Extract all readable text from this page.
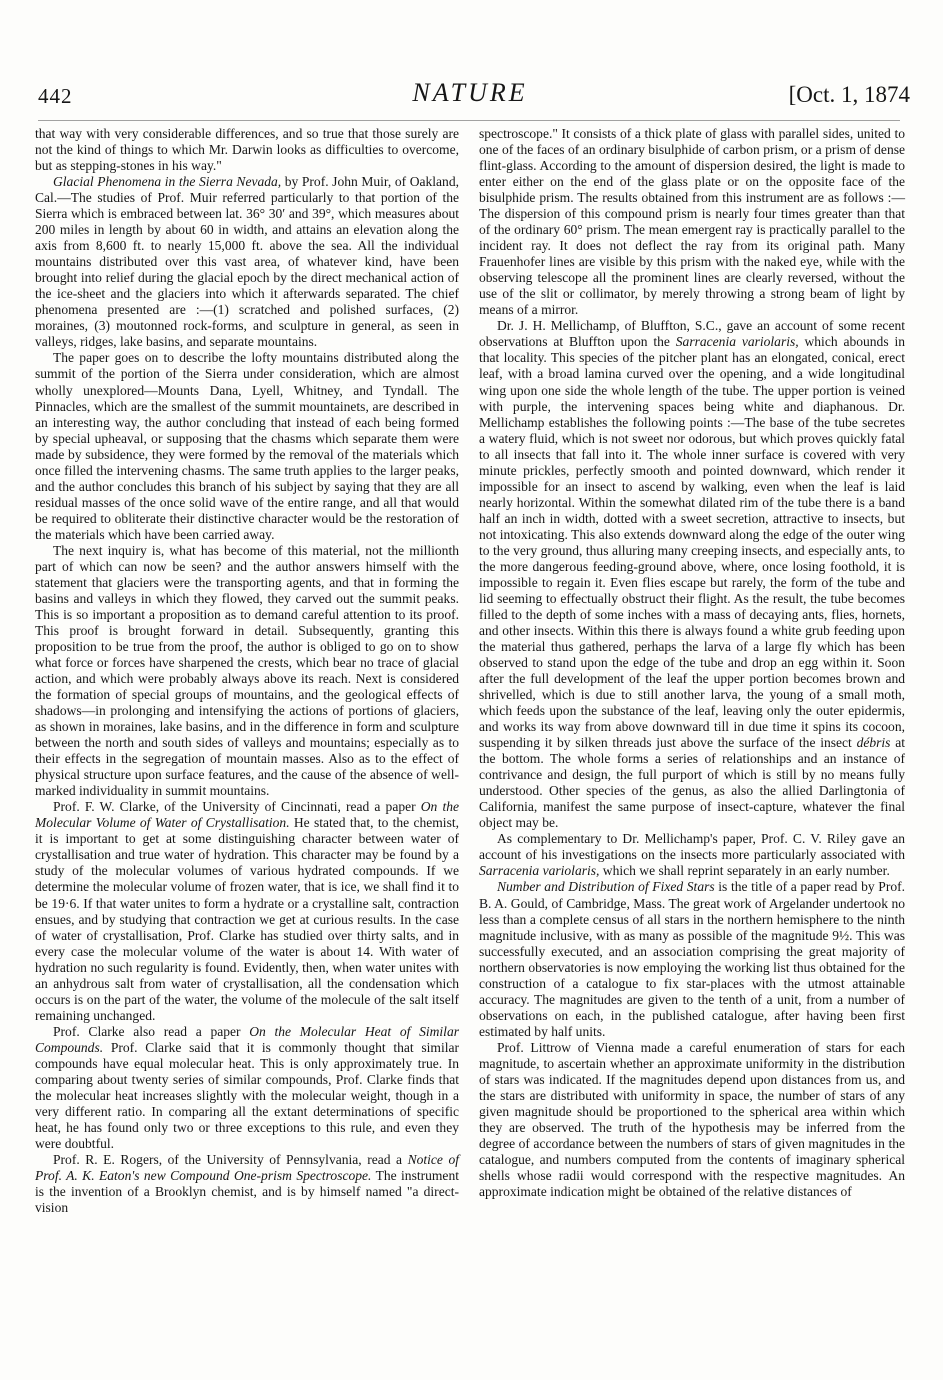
442	NATURE	[Oct. 1, 1874

that way with very considerable differences, and so true that those surely are not the kind of things to which Mr. Darwin looks as difficulties to overcome, but as stepping-stones in his way."

Glacial Phenomena in the Sierra Nevada, by Prof. John Muir, of Oakland, Cal.—The studies of Prof. Muir referred particularly to that portion of the Sierra which is embraced between lat. 36° 30′ and 39°, which measures about 200 miles in length by about 60 in width, and attains an elevation along the axis from 8,600 ft. to nearly 15,000 ft. above the sea. All the individual mountains distributed over this vast area, of whatever kind, have been brought into relief during the glacial epoch by the direct mechanical action of the ice-sheet and the glaciers into which it afterwards separated. The chief phenomena presented are :—(1) scratched and polished surfaces, (2) moraines, (3) moutonned rock-forms, and sculpture in general, as seen in valleys, ridges, lake basins, and separate mountains.

The paper goes on to describe the lofty mountains distributed along the summit of the portion of the Sierra under consideration, which are almost wholly unexplored—Mounts Dana, Lyell, Whitney, and Tyndall. The Pinnacles, which are the smallest of the summit mountainets, are described in an interesting way, the author concluding that instead of each being formed by special upheaval, or supposing that the chasms which separate them were made by subsidence, they were formed by the removal of the materials which once filled the intervening chasms. The same truth applies to the larger peaks, and the author concludes this branch of his subject by saying that they are all residual masses of the once solid wave of the entire range, and all that would be required to obliterate their distinctive character would be the restoration of the materials which have been carried away.

The next inquiry is, what has become of this material, not the millionth part of which can now be seen? and the author answers himself with the statement that glaciers were the transporting agents, and that in forming the basins and valleys in which they flowed, they carved out the summit peaks. This is so important a proposition as to demand careful attention to its proof. This proof is brought forward in detail. Subsequently, granting this proposition to be true from the proof, the author is obliged to go on to show what force or forces have sharpened the crests, which bear no trace of glacial action, and which were probably always above its reach. Next is considered the formation of special groups of mountains, and the geological effects of shadows—in prolonging and intensifying the actions of portions of glaciers, as shown in moraines, lake basins, and in the difference in form and sculpture between the north and south sides of valleys and mountains; especially as to their effects in the segregation of mountain masses. Also as to the effect of physical structure upon surface features, and the cause of the absence of well-marked individuality in summit mountains.

Prof. F. W. Clarke, of the University of Cincinnati, read a paper On the Molecular Volume of Water of Crystallisation. He stated that, to the chemist, it is important to get at some distinguishing character between water of crystallisation and true water of hydration. This character may be found by a study of the molecular volumes of various hydrated compounds. If we determine the molecular volume of frozen water, that is ice, we shall find it to be 19·6. If that water unites to form a hydrate or a crystalline salt, contraction ensues, and by studying that contraction we get at curious results. In the case of water of crystallisation, Prof. Clarke has studied over thirty salts, and in every case the molecular volume of the water is about 14. With water of hydration no such regularity is found. Evidently, then, when water unites with an anhydrous salt from water of crystallisation, all the condensation which occurs is on the part of the water, the volume of the molecule of the salt itself remaining unchanged.

Prof. Clarke also read a paper On the Molecular Heat of Similar Compounds. Prof. Clarke said that it is commonly thought that similar compounds have equal molecular heat. This is only approximately true. In comparing about twenty series of similar compounds, Prof. Clarke finds that the molecular heat increases slightly with the molecular weight, though in a very different ratio. In comparing all the extant determinations of specific heat, he has found only two or three exceptions to this rule, and even they were doubtful.

Prof. R. E. Rogers, of the University of Pennsylvania, read a Notice of Prof. A. K. Eaton's new Compound One-prism Spectroscope. The instrument is the invention of a Brooklyn chemist, and is by himself named "a direct-vision

spectroscope." It consists of a thick plate of glass with parallel sides, united to one of the faces of an ordinary bisulphide of carbon prism, or a prism of dense flint-glass. According to the amount of dispersion desired, the light is made to enter either on the end of the glass plate or on the opposite face of the bisulphide prism. The results obtained from this instrument are as follows :—The dispersion of this compound prism is nearly four times greater than that of the ordinary 60° prism. The mean emergent ray is practically parallel to the incident ray. It does not deflect the ray from its original path. Many Frauenhofer lines are visible by this prism with the naked eye, while with the observing telescope all the prominent lines are clearly reversed, without the use of the slit or collimator, by merely throwing a strong beam of light by means of a mirror.

Dr. J. H. Mellichamp, of Bluffton, S.C., gave an account of some recent observations at Bluffton upon the Sarracenia variolaris, which abounds in that locality. This species of the pitcher plant has an elongated, conical, erect leaf, with a broad lamina curved over the opening, and a wide longitudinal wing upon one side the whole length of the tube. The upper portion is veined with purple, the intervening spaces being white and diaphanous. Dr. Mellichamp establishes the following points :—The base of the tube secretes a watery fluid, which is not sweet nor odorous, but which proves quickly fatal to all insects that fall into it. The whole inner surface is covered with very minute prickles, perfectly smooth and pointed downward, which render it impossible for an insect to ascend by walking, even when the leaf is laid nearly horizontal. Within the somewhat dilated rim of the tube there is a band half an inch in width, dotted with a sweet secretion, attractive to insects, but not intoxicating. This also extends downward along the edge of the outer wing to the very ground, thus alluring many creeping insects, and especially ants, to the more dangerous feeding-ground above, where, once losing foothold, it is impossible to regain it. Even flies escape but rarely, the form of the tube and lid seeming to effectually obstruct their flight. As the result, the tube becomes filled to the depth of some inches with a mass of decaying ants, flies, hornets, and other insects. Within this there is always found a white grub feeding upon the material thus gathered, perhaps the larva of a large fly which has been observed to stand upon the edge of the tube and drop an egg within it. Soon after the full development of the leaf the upper portion becomes brown and shrivelled, which is due to still another larva, the young of a small moth, which feeds upon the substance of the leaf, leaving only the outer epidermis, and works its way from above downward till in due time it spins its cocoon, suspending it by silken threads just above the surface of the insect débris at the bottom. The whole forms a series of relationships and an instance of contrivance and design, the full purport of which is still by no means fully understood. Other species of the genus, as also the allied Darlingtonia of California, manifest the same purpose of insect-capture, whatever the final object may be.

As complementary to Dr. Mellichamp's paper, Prof. C. V. Riley gave an account of his investigations on the insects more particularly associated with Sarracenia variolaris, which we shall reprint separately in an early number.

Number and Distribution of Fixed Stars is the title of a paper read by Prof. B. A. Gould, of Cambridge, Mass. The great work of Argelander undertook no less than a complete census of all stars in the northern hemisphere to the ninth magnitude inclusive, with as many as possible of the magnitude 9½. This was successfully executed, and an association comprising the great majority of northern observatories is now employing the working list thus obtained for the construction of a catalogue to fix star-places with the utmost attainable accuracy. The magnitudes are given to the tenth of a unit, from a number of observations on each, in the published catalogue, after having been first estimated by half units.

Prof. Littrow of Vienna made a careful enumeration of stars for each magnitude, to ascertain whether an approximate uniformity in the distribution of stars was indicated. If the magnitudes depend upon distances from us, and the stars are distributed with uniformity in space, the number of stars of any given magnitude should be proportioned to the spherical area within which they are observed. The truth of the hypothesis may be inferred from the degree of accordance between the numbers of stars of given magnitudes in the catalogue, and numbers computed from the contents of imaginary spherical shells whose radii would correspond with the respective magnitudes. An approximate indication might be obtained of the relative distances of
